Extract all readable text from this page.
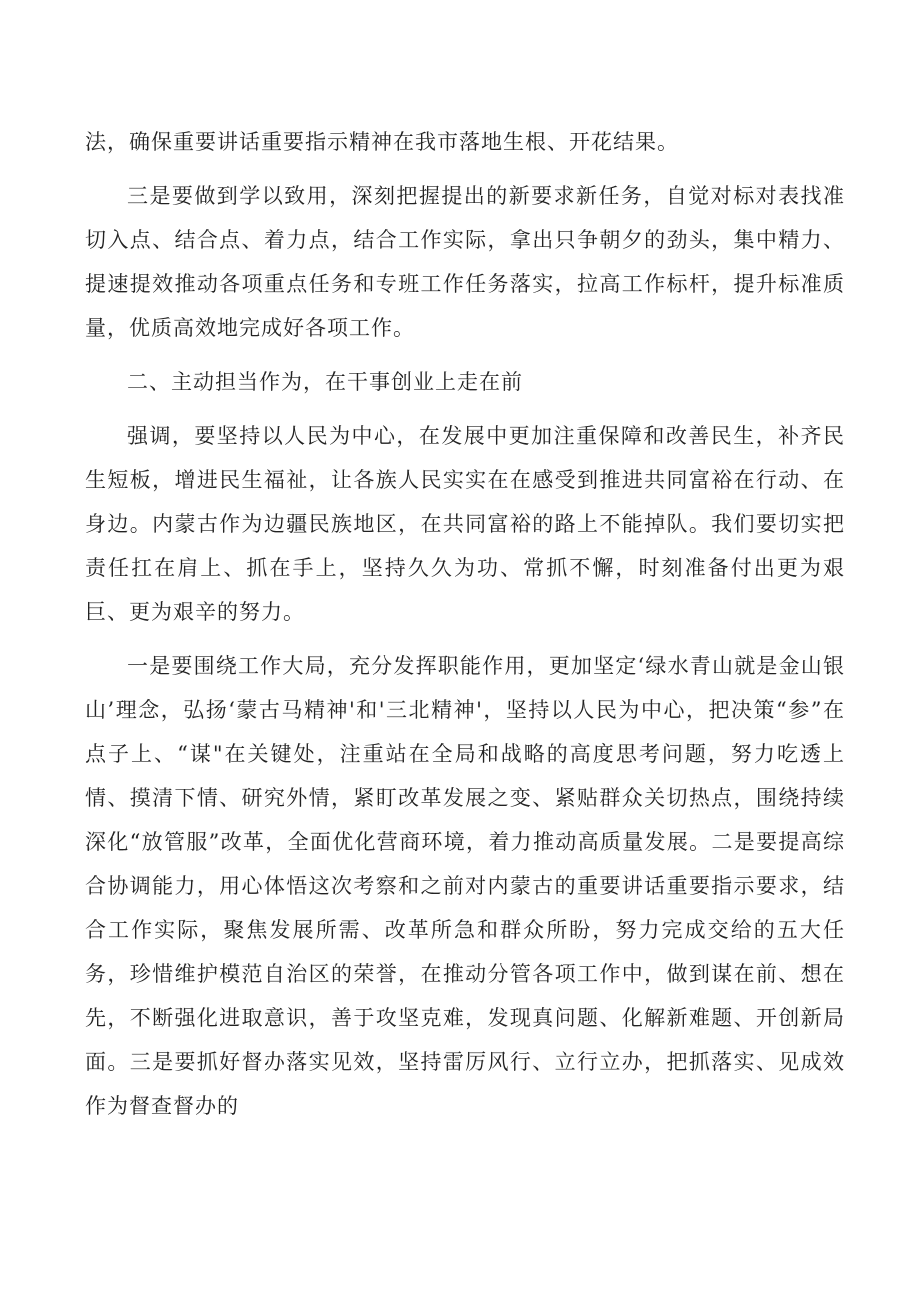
法，确保重要讲话重要指示精神在我市落地生根、开花结果。

三是要做到学以致用，深刻把握提出的新要求新任务，自觉对标对表找准切入点、结合点、着力点，结合工作实际，拿出只争朝夕的劲头，集中精力、提速提效推动各项重点任务和专班工作任务落实，拉高工作标杆，提升标准质量，优质高效地完成好各项工作。

二、主动担当作为，在干事创业上走在前

强调，要坚持以人民为中心，在发展中更加注重保障和改善民生，补齐民生短板，增进民生福祉，让各族人民实实在在感受到推进共同富裕在行动、在身边。内蒙古作为边疆民族地区，在共同富裕的路上不能掉队。我们要切实把责任扛在肩上、抓在手上，坚持久久为功、常抓不懈，时刻准备付出更为艰巨、更为艰辛的努力。

一是要围绕工作大局，充分发挥职能作用，更加坚定‘绿水青山就是金山银山’理念，弘扬‘蒙古马精神'和'三北精神'，坚持以人民为中心，把决策“参”在点子上、“谋"在关键处，注重站在全局和战略的高度思考问题，努力吃透上情、摸清下情、研究外情，紧盯改革发展之变、紧贴群众关切热点，围绕持续深化“放管服”改革，全面优化营商环境，着力推动高质量发展。二是要提高综合协调能力，用心体悟这次考察和之前对内蒙古的重要讲话重要指示要求，结合工作实际，聚焦发展所需、改革所急和群众所盼，努力完成交给的五大任务，珍惜维护模范自治区的荣誉，在推动分管各项工作中，做到谋在前、想在先，不断强化进取意识，善于攻坚克难，发现真问题、化解新难题、开创新局面。三是要抓好督办落实见效，坚持雷厉风行、立行立办，把抓落实、见成效作为督查督办的
